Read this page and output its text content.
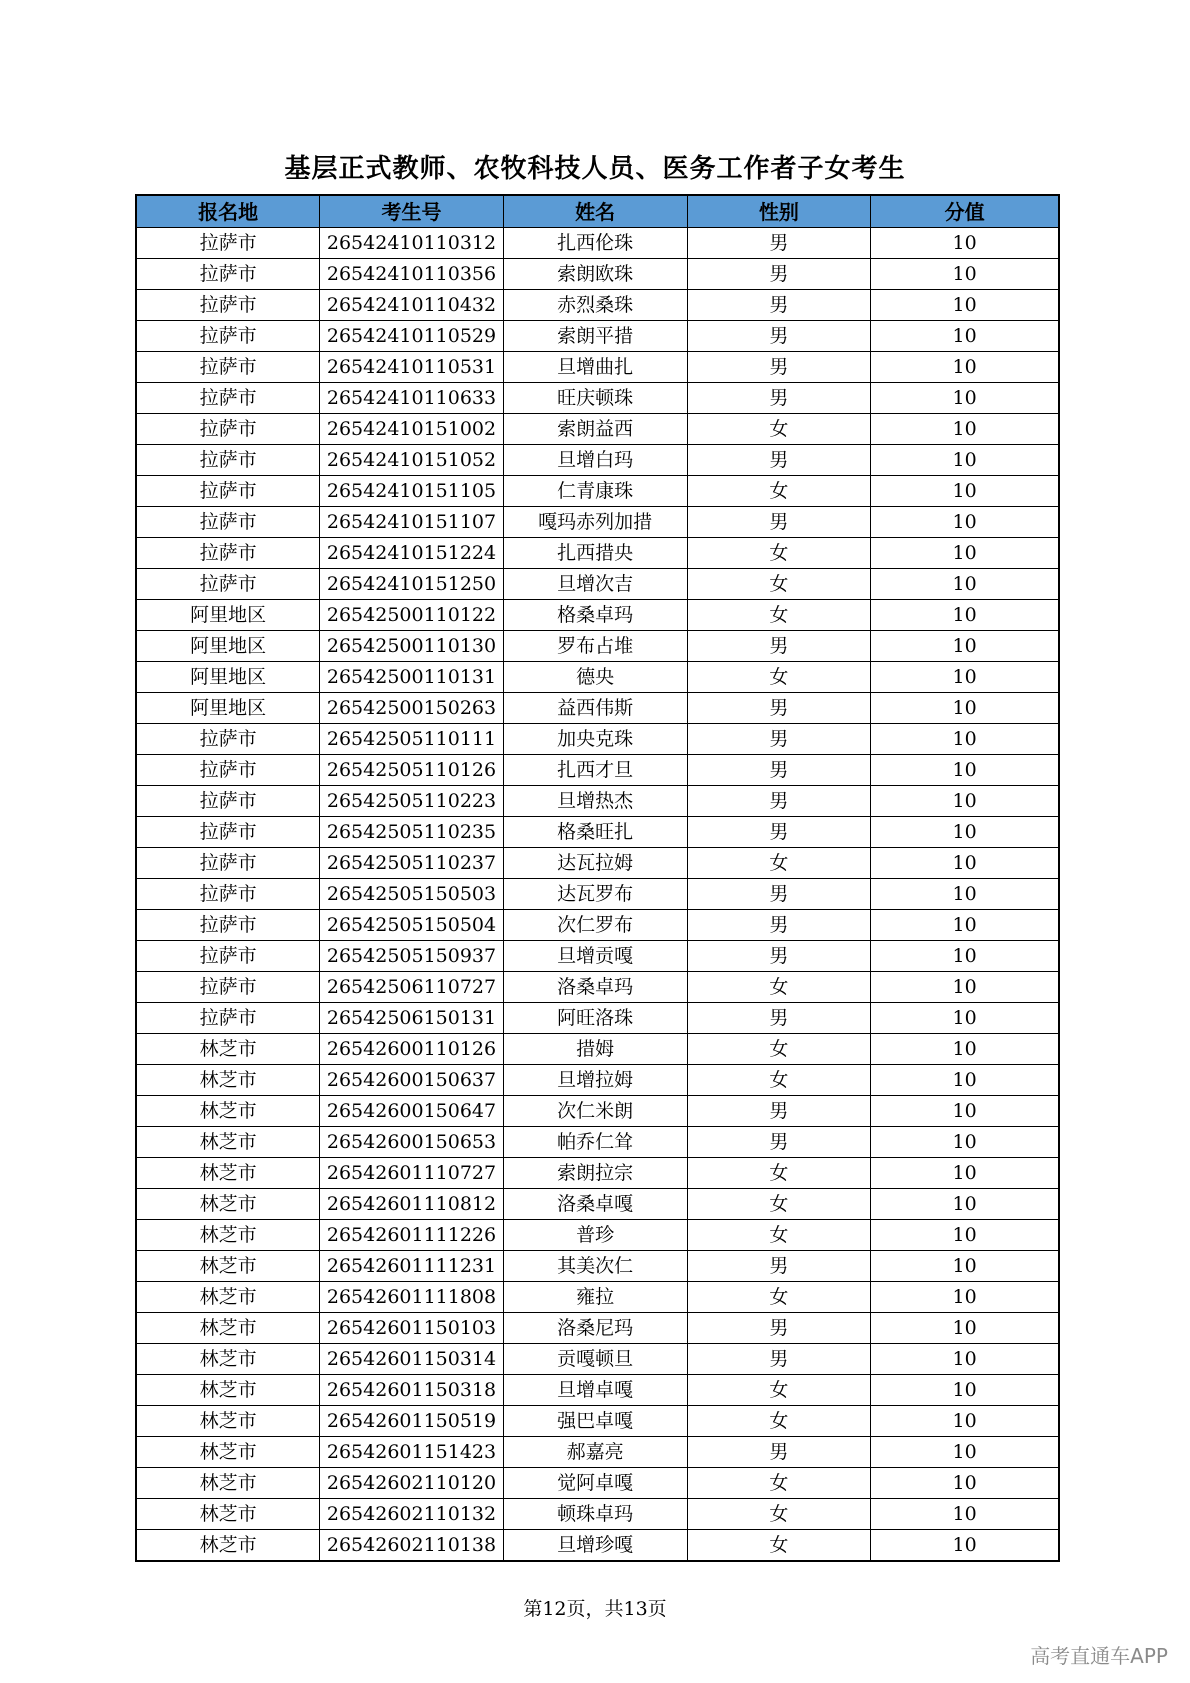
基层正式教师、农牧科技人员、医务工作者子女考生
报名地	考生号	姓名	性别	分值
拉萨市	26542410110312	扎西伦珠	男	10
拉萨市	26542410110356	索朗欧珠	男	10
拉萨市	26542410110432	赤烈桑珠	男	10
拉萨市	26542410110529	索朗平措	男	10
拉萨市	26542410110531	旦增曲扎	男	10
拉萨市	26542410110633	旺庆顿珠	男	10
拉萨市	26542410151002	索朗益西	女	10
拉萨市	26542410151052	旦增白玛	男	10
拉萨市	26542410151105	仁青康珠	女	10
拉萨市	26542410151107	嘎玛赤列加措	男	10
拉萨市	26542410151224	扎西措央	女	10
拉萨市	26542410151250	旦增次吉	女	10
阿里地区	26542500110122	格桑卓玛	女	10
阿里地区	26542500110130	罗布占堆	男	10
阿里地区	26542500110131	德央	女	10
阿里地区	26542500150263	益西伟斯	男	10
拉萨市	26542505110111	加央克珠	男	10
拉萨市	26542505110126	扎西才旦	男	10
拉萨市	26542505110223	旦增热杰	男	10
拉萨市	26542505110235	格桑旺扎	男	10
拉萨市	26542505110237	达瓦拉姆	女	10
拉萨市	26542505150503	达瓦罗布	男	10
拉萨市	26542505150504	次仁罗布	男	10
拉萨市	26542505150937	旦增贡嘎	男	10
拉萨市	26542506110727	洛桑卓玛	女	10
拉萨市	26542506150131	阿旺洛珠	男	10
林芝市	26542600110126	措姆	女	10
林芝市	26542600150637	旦增拉姆	女	10
林芝市	26542600150647	次仁米朗	男	10
林芝市	26542600150653	帕乔仁耸	男	10
林芝市	26542601110727	索朗拉宗	女	10
林芝市	26542601110812	洛桑卓嘎	女	10
林芝市	26542601111226	普珍	女	10
林芝市	26542601111231	其美次仁	男	10
林芝市	26542601111808	雍拉	女	10
林芝市	26542601150103	洛桑尼玛	男	10
林芝市	26542601150314	贡嘎顿旦	男	10
林芝市	26542601150318	旦增卓嘎	女	10
林芝市	26542601150519	强巴卓嘎	女	10
林芝市	26542601151423	郝嘉亮	男	10
林芝市	26542602110120	觉阿卓嘎	女	10
林芝市	26542602110132	顿珠卓玛	女	10
林芝市	26542602110138	旦增珍嘎	女	10
第12页，共13页
高考直通车APP
